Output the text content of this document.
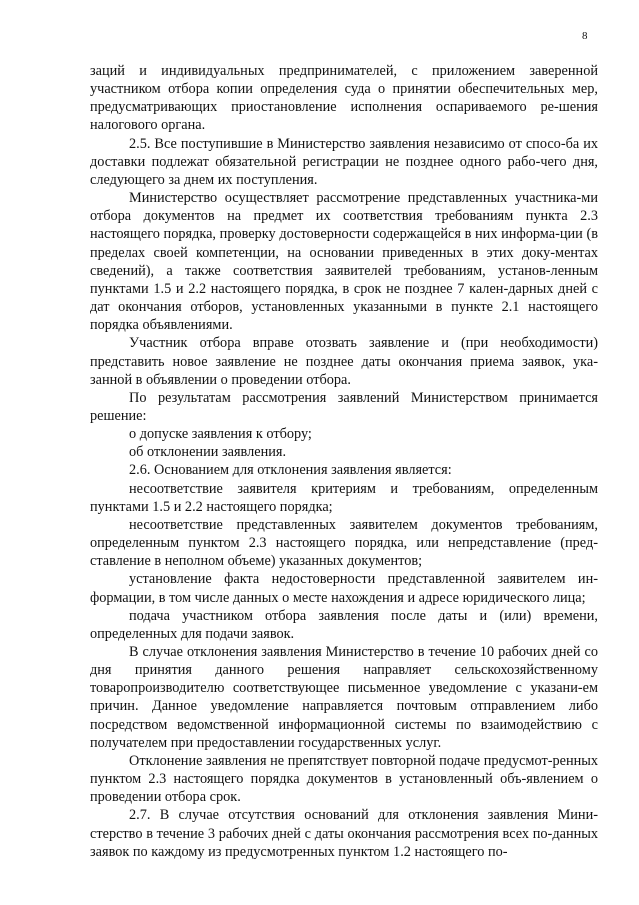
8

заций и индивидуальных предпринимателей, с приложением заверенной участником отбора копии определения суда о принятии обеспечительных мер, предусматривающих приостановление исполнения оспариваемого ре-шения налогового органа.

2.5. Все поступившие в Министерство заявления независимо от спосо-ба их доставки подлежат обязательной регистрации не позднее одного рабо-чего дня, следующего за днем их поступления.

Министерство осуществляет рассмотрение представленных участника-ми отбора документов на предмет их соответствия требованиям пункта 2.3 настоящего порядка, проверку достоверности содержащейся в них информа-ции (в пределах своей компетенции, на основании приведенных в этих доку-ментах сведений), а также соответствия заявителей требованиям, установ-ленным пунктами 1.5 и 2.2 настоящего порядка, в срок не позднее 7 кален-дарных дней с дат окончания отборов, установленных указанными в пункте 2.1 настоящего порядка объявлениями.

Участник отбора вправе отозвать заявление и (при необходимости) представить новое заявление не позднее даты окончания приема заявок, ука-занной в объявлении о проведении отбора.

По результатам рассмотрения заявлений Министерством принимается решение:

о допуске заявления к отбору;

об отклонении заявления.

2.6. Основанием для отклонения заявления является:

несоответствие заявителя критериям и требованиям, определенным пунктами 1.5 и 2.2 настоящего порядка;

несоответствие представленных заявителем документов требованиям, определенным пунктом 2.3 настоящего порядка, или непредставление (пред-ставление в неполном объеме) указанных документов;

установление факта недостоверности представленной заявителем ин-формации, в том числе данных о месте нахождения и адресе юридического лица;

подача участником отбора заявления после даты и (или) времени, определенных для подачи заявок.

В случае отклонения заявления Министерство в течение 10 рабочих дней со дня принятия данного решения направляет сельскохозяйственному товаропроизводителю соответствующее письменное уведомление с указани-ем причин. Данное уведомление направляется почтовым отправлением либо посредством ведомственной информационной системы по взаимодействию с получателем при предоставлении государственных услуг.

Отклонение заявления не препятствует повторной подаче предусмот-ренных пунктом 2.3 настоящего порядка документов в установленный объ-явлением о проведении отбора срок.

2.7. В случае отсутствия оснований для отклонения заявления Мини-стерство в течение 3 рабочих дней с даты окончания рассмотрения всех по-данных заявок по каждому из предусмотренных пунктом 1.2 настоящего по-
